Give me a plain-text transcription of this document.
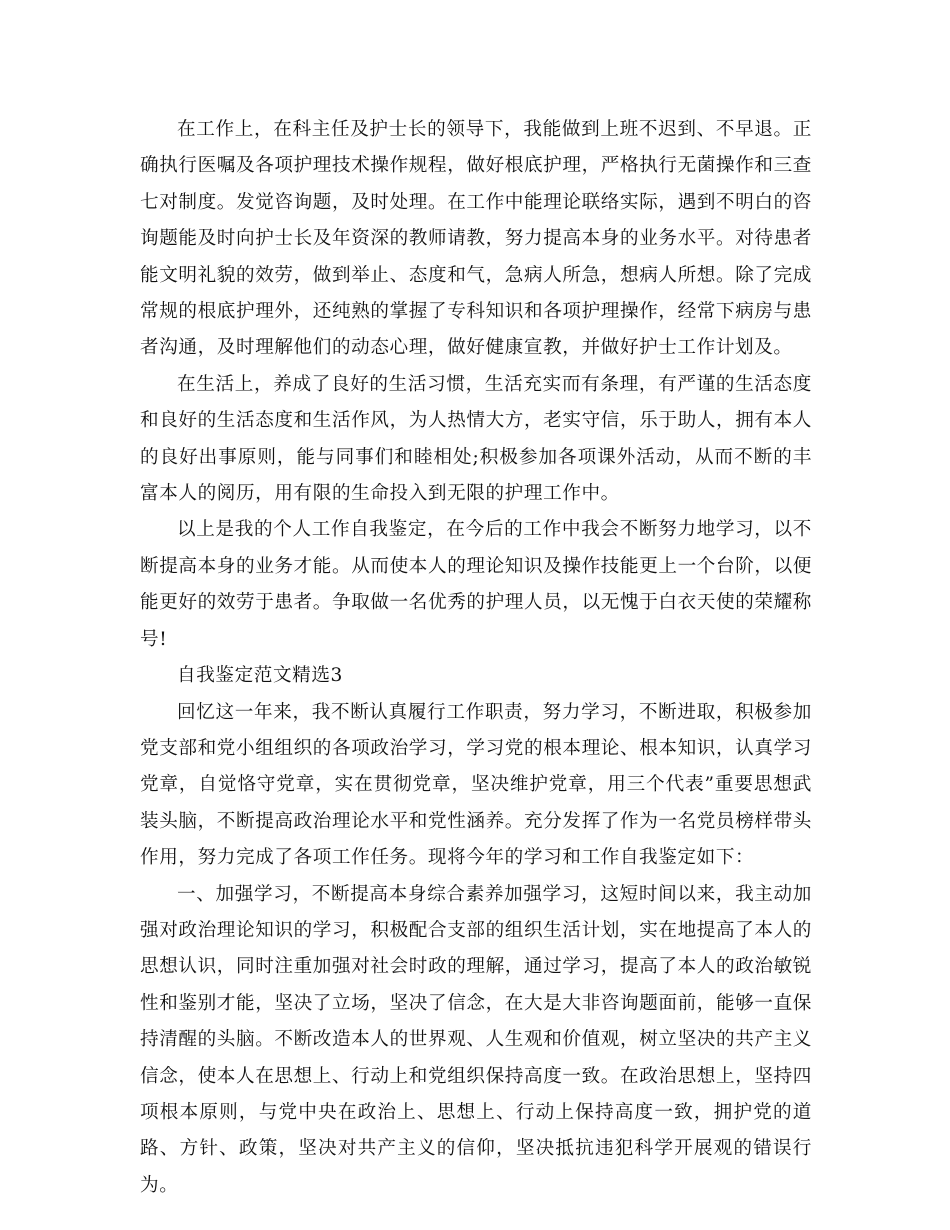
在工作上，在科主任及护士长的领导下，我能做到上班不迟到、不早退。正确执行医嘱及各项护理技术操作规程，做好根底护理，严格执行无菌操作和三查七对制度。发觉咨询题，及时处理。在工作中能理论联络实际，遇到不明白的咨询题能及时向护士长及年资深的教师请教，努力提高本身的业务水平。对待患者能文明礼貌的效劳，做到举止、态度和气，急病人所急，想病人所想。除了完成常规的根底护理外，还纯熟的掌握了专科知识和各项护理操作，经常下病房与患者沟通，及时理解他们的动态心理，做好健康宣教，并做好护士工作计划及。

在生活上，养成了良好的生活习惯，生活充实而有条理，有严谨的生活态度和良好的生活态度和生活作风，为人热情大方，老实守信，乐于助人，拥有本人的良好出事原则，能与同事们和睦相处;积极参加各项课外活动，从而不断的丰富本人的阅历，用有限的生命投入到无限的护理工作中。

以上是我的个人工作自我鉴定，在今后的工作中我会不断努力地学习，以不断提高本身的业务才能。从而使本人的理论知识及操作技能更上一个台阶，以便能更好的效劳于患者。争取做一名优秀的护理人员，以无愧于白衣天使的荣耀称号!

自我鉴定范文精选3

回忆这一年来，我不断认真履行工作职责，努力学习，不断进取，积极参加党支部和党小组组织的各项政治学习，学习党的根本理论、根本知识，认真学习党章，自觉恪守党章，实在贯彻党章，坚决维护党章，用三个代表”重要思想武装头脑，不断提高政治理论水平和党性涵养。充分发挥了作为一名党员榜样带头作用，努力完成了各项工作任务。现将今年的学习和工作自我鉴定如下：

一、加强学习，不断提高本身综合素养加强学习，这短时间以来，我主动加强对政治理论知识的学习，积极配合支部的组织生活计划，实在地提高了本人的思想认识，同时注重加强对社会时政的理解，通过学习，提高了本人的政治敏锐性和鉴别才能，坚决了立场，坚决了信念，在大是大非咨询题面前，能够一直保持清醒的头脑。不断改造本人的世界观、人生观和价值观，树立坚决的共产主义信念，使本人在思想上、行动上和党组织保持高度一致。在政治思想上，坚持四项根本原则，与党中央在政治上、思想上、行动上保持高度一致，拥护党的道路、方针、政策，坚决对共产主义的信仰，坚决抵抗违犯科学开展观的错误行为。
